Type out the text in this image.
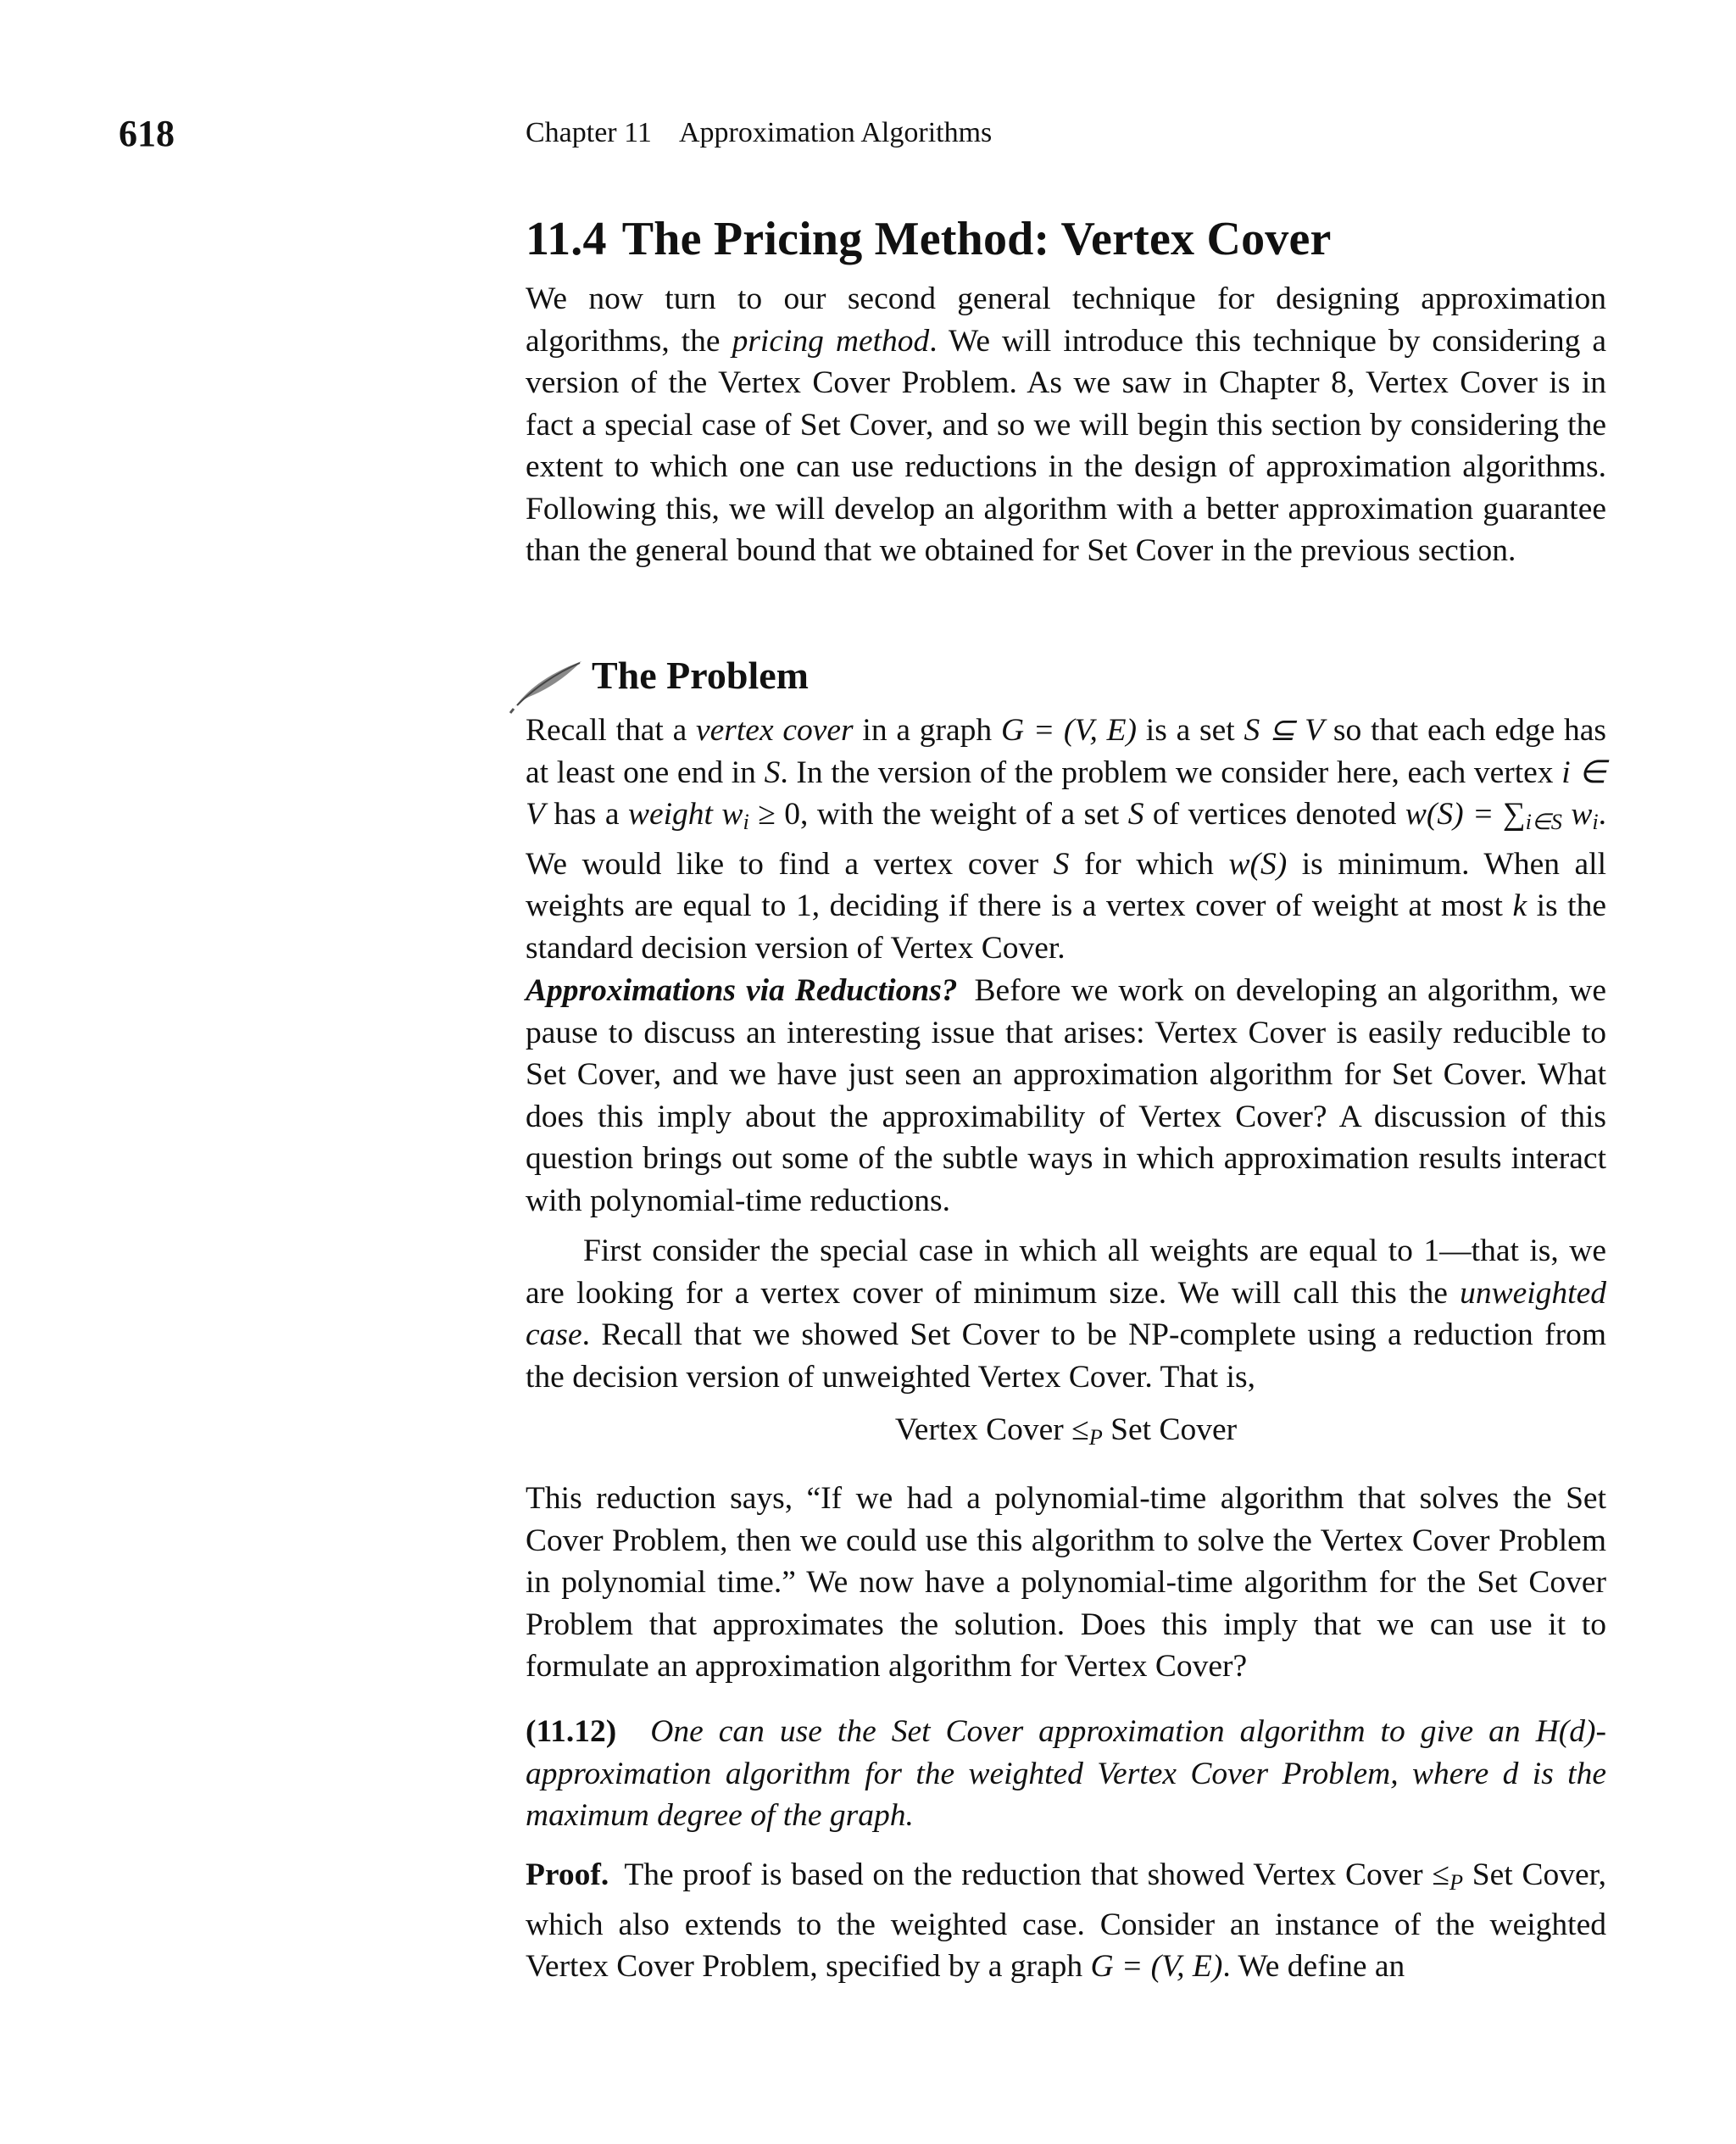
618	Chapter 11    Approximation Algorithms
11.4 The Pricing Method: Vertex Cover

We now turn to our second general technique for designing approximation algorithms, the pricing method. We will introduce this technique by considering a version of the Vertex Cover Problem. As we saw in Chapter 8, Vertex Cover is in fact a special case of Set Cover, and so we will begin this section by considering the extent to which one can use reductions in the design of approximation algorithms. Following this, we will develop an algorithm with a better approximation guarantee than the general bound that we obtained for Set Cover in the previous section.

The Problem

Recall that a vertex cover in a graph G = (V, E) is a set S ⊆ V so that each edge has at least one end in S. In the version of the problem we consider here, each vertex i ∈ V has a weight $w_i \ge 0$, with the weight of a set S of vertices denoted $w(S) = \sum_{i\in S}$ $w_i$. We would like to find a vertex cover S for which w(S) is minimum. When all weights are equal to 1, deciding if there is a vertex cover of weight at most k is the standard decision version of Vertex Cover.

Approximations via Reductions? Before we work on developing an algorithm, we pause to discuss an interesting issue that arises: Vertex Cover is easily reducible to Set Cover, and we have just seen an approximation algorithm for Set Cover. What does this imply about the approximability of Vertex Cover? A discussion of this question brings out some of the subtle ways in which approximation results interact with polynomial-time reductions.

First consider the special case in which all weights are equal to 1—that is, we are looking for a vertex cover of minimum size. We will call this the unweighted case. Recall that we showed Set Cover to be NP-complete using a reduction from the decision version of unweighted Vertex Cover. That is,

Vertex Cover $\le_P$ Set Cover

This reduction says, “If we had a polynomial-time algorithm that solves the Set Cover Problem, then we could use this algorithm to solve the Vertex Cover Problem in polynomial time.” We now have a polynomial-time algorithm for the Set Cover Problem that approximates the solution. Does this imply that we can use it to formulate an approximation algorithm for Vertex Cover?

(11.12) One can use the Set Cover approximation algorithm to give an H(d)-approximation algorithm for the weighted Vertex Cover Problem, where d is the maximum degree of the graph.

Proof. The proof is based on the reduction that showed Vertex Cover $\le_P$ Set Cover, which also extends to the weighted case. Consider an instance of the weighted Vertex Cover Problem, specified by a graph G = (V, E). We define an
